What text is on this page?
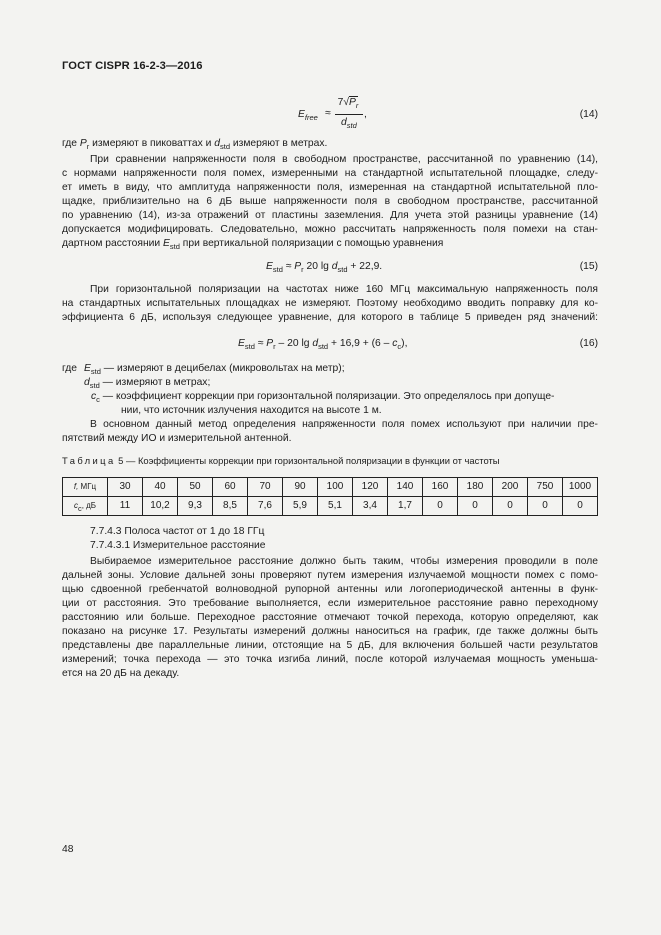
ГОСТ CISPR 16-2-3—2016
$E_{free}$ ≈
$7√P_r$
$d_{std}$
,	(14)
где $P_r$ измеряют в пиковаттах и $d_{std}$ измеряют в метрах.
При сравнении напряженности поля в свободном пространстве, рассчитанной по уравнению (14),
с нормами напряженности поля помех, измеренными на стандартной испытательной площадке, следу-
ет иметь в виду, что амплитуда напряженности поля, измеренная на стандартной испытательной пло-
щадке, приблизительно на 6 дБ выше напряженности поля в свободном пространстве, рассчитанной
по уравнению (14), из-за отражений от пластины заземления. Для учета этой разницы уравнение (14)
допускается модифицировать. Следовательно, можно рассчитать напряженность поля помехи на стан-
дартном расстоянии $E_{std}$ при вертикальной поляризации с помощью уравнения
$E_{std} \approx P_r$ 20 $\lg d_{std} + 22,9$.	(15)
При горизонтальной поляризации на частотах ниже 160 МГц максимальную напряженность поля
на стандартных испытательных площадках не измеряют. Поэтому необходимо вводить поправку для ко-
эффициента 6 дБ, используя следующее уравнение, для которого в таблице 5 приведен ряд значений:
$E_{std} \approx P_r - 20$ $\lg d_{std} + 16,9 + (6 - c_c)$,	(16)
где $E_{std}$ — измеряют в децибелах (микровольтах на метр);
$d_{std}$ — измеряют в метрах;
$c_c$ — коэффициент коррекции при горизонтальной поляризации. Это определялось при допуще-
нии, что источник излучения находится на высоте 1 м.
В основном данный метод определения напряженности поля помех используют при наличии пре-
пятствий между ИО и измерительной антенной.
Таблица 5 — Коэффициенты коррекции при горизонтальной поляризации в функции от частоты
f, МГц	30	40	50	60	70	90	100	120	140	160	180	200	750	1000
$c_c$, дБ	11	10,2	9,3	8,5	7,6	5,9	5,1	3,4	1,7	0	0	0	0	0
7.7.4.3 Полоса частот от 1 до 18 ГГц
7.7.4.3.1 Измерительное расстояние
Выбираемое измерительное расстояние должно быть таким, чтобы измерения проводили в поле
дальней зоны. Условие дальней зоны проверяют путем измерения излучаемой мощности помех с помо-
щью сдвоенной гребенчатой волноводной рупорной антенны или логопериодической антенны в функ-
ции от расстояния. Это требование выполняется, если измерительное расстояние равно переходному
расстоянию или больше. Переходное расстояние отмечают точкой перехода, которую определяют, как
показано на рисунке 17. Результаты измерений должны наноситься на график, где также должны быть
представлены две параллельные линии, отстоящие на 5 дБ, для включения большей части результатов
измерений; точка перехода — это точка изгиба линий, после которой излучаемая мощность уменьша-
ется на 20 дБ на декаду.
48
